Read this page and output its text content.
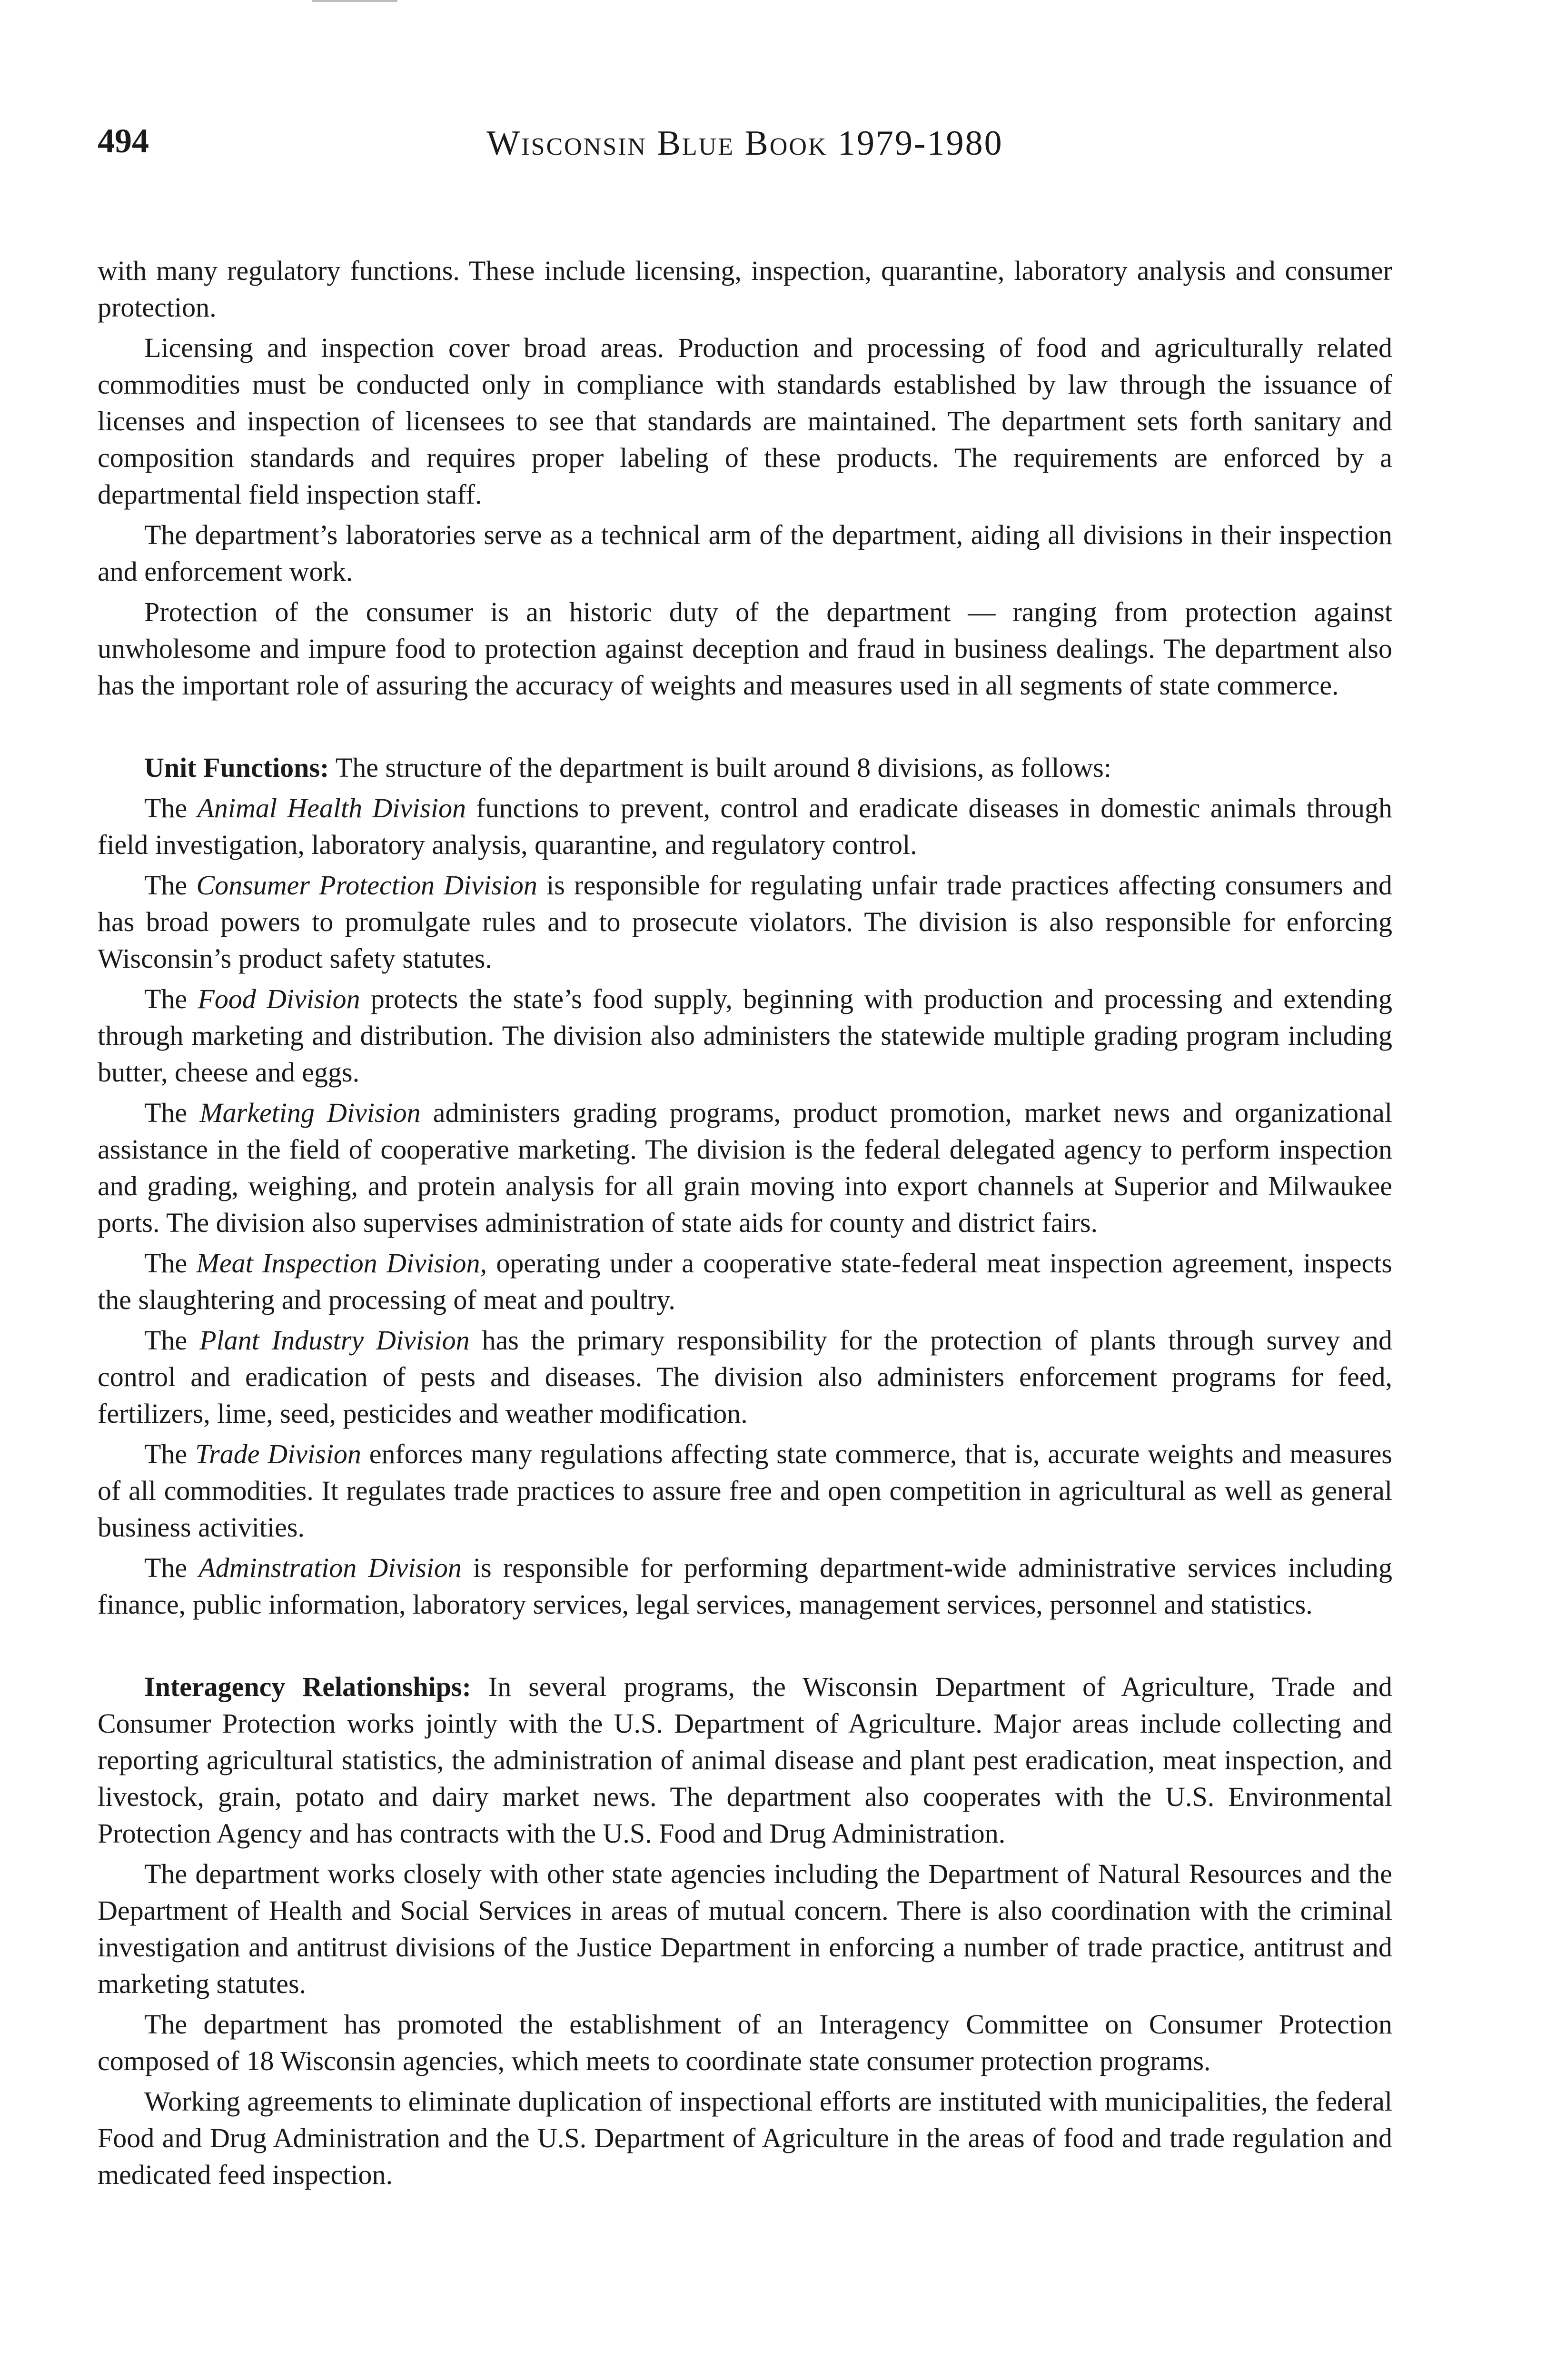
494	Wisconsin Blue Book 1979-1980

with many regulatory functions. These include licensing, inspection, quarantine, laboratory analysis and consumer protection.

Licensing and inspection cover broad areas. Production and processing of food and agriculturally related commodities must be conducted only in compliance with standards established by law through the issuance of licenses and inspection of licensees to see that standards are maintained. The department sets forth sanitary and composition standards and requires proper labeling of these products. The requirements are enforced by a departmental field inspection staff.

The department’s laboratories serve as a technical arm of the department, aiding all divisions in their inspection and enforcement work.

Protection of the consumer is an historic duty of the department — ranging from protection against unwholesome and impure food to protection against deception and fraud in business dealings. The department also has the important role of assuring the accuracy of weights and measures used in all segments of state commerce.

Unit Functions: The structure of the department is built around 8 divisions, as follows:

The Animal Health Division functions to prevent, control and eradicate diseases in domestic animals through field investigation, laboratory analysis, quarantine, and regulatory control.

The Consumer Protection Division is responsible for regulating unfair trade practices affecting consumers and has broad powers to promulgate rules and to prosecute violators. The division is also responsible for enforcing Wisconsin’s product safety statutes.

The Food Division protects the state’s food supply, beginning with production and processing and extending through marketing and distribution. The division also administers the statewide multiple grading program including butter, cheese and eggs.

The Marketing Division administers grading programs, product promotion, market news and organizational assistance in the field of cooperative marketing. The division is the federal delegated agency to perform inspection and grading, weighing, and protein analysis for all grain moving into export channels at Superior and Milwaukee ports. The division also supervises administration of state aids for county and district fairs.

The Meat Inspection Division, operating under a cooperative state-federal meat inspection agreement, inspects the slaughtering and processing of meat and poultry.

The Plant Industry Division has the primary responsibility for the protection of plants through survey and control and eradication of pests and diseases. The division also administers enforcement programs for feed, fertilizers, lime, seed, pesticides and weather modification.

The Trade Division enforces many regulations affecting state commerce, that is, accurate weights and measures of all commodities. It regulates trade practices to assure free and open competition in agricultural as well as general business activities.

The Adminstration Division is responsible for performing department-wide administrative services including finance, public information, laboratory services, legal services, management services, personnel and statistics.

Interagency Relationships: In several programs, the Wisconsin Department of Agriculture, Trade and Consumer Protection works jointly with the U.S. Department of Agriculture. Major areas include collecting and reporting agricultural statistics, the administration of animal disease and plant pest eradication, meat inspection, and livestock, grain, potato and dairy market news. The department also cooperates with the U.S. Environmental Protection Agency and has contracts with the U.S. Food and Drug Administration.

The department works closely with other state agencies including the Department of Natural Resources and the Department of Health and Social Services in areas of mutual concern. There is also coordination with the criminal investigation and antitrust divisions of the Justice Department in enforcing a number of trade practice, antitrust and marketing statutes.

The department has promoted the establishment of an Interagency Committee on Consumer Protection composed of 18 Wisconsin agencies, which meets to coordinate state consumer protection programs.

Working agreements to eliminate duplication of inspectional efforts are instituted with municipalities, the federal Food and Drug Administration and the U.S. Department of Agriculture in the areas of food and trade regulation and medicated feed inspection.
